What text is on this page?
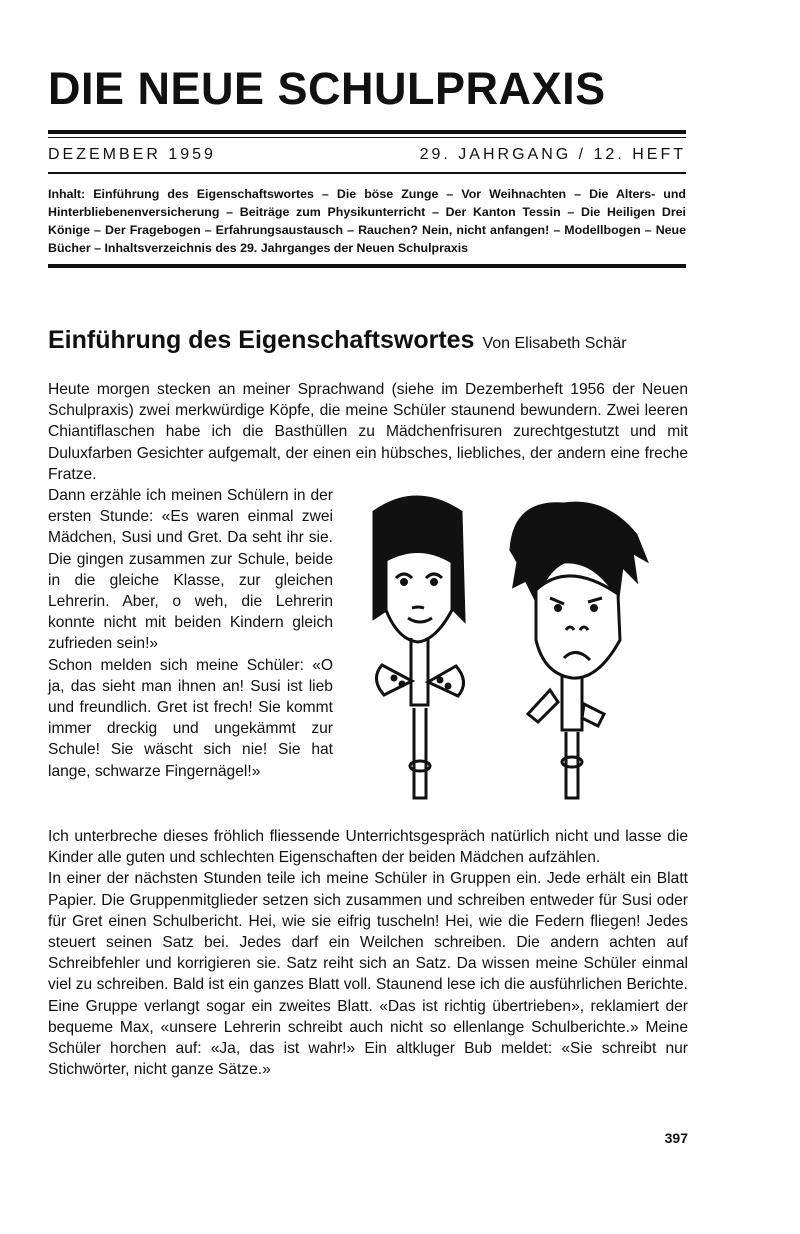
DIE NEUE SCHULPRAXIS
DEZEMBER 1959	29. JAHRGANG / 12. HEFT
Inhalt: Einführung des Eigenschaftswortes – Die böse Zunge – Vor Weihnachten – Die Alters- und Hinterbliebenenversicherung – Beiträge zum Physikunterricht – Der Kanton Tessin – Die Heiligen Drei Könige – Der Fragebogen – Erfahrungsaustausch – Rauchen? Nein, nicht anfangen! – Modellbogen – Neue Bücher – Inhaltsverzeichnis des 29. Jahrganges der Neuen Schulpraxis
Einführung des Eigenschaftswortes Von Elisabeth Schär

Heute morgen stecken an meiner Sprachwand (siehe im Dezemberheft 1956 der Neuen Schulpraxis) zwei merkwürdige Köpfe, die meine Schüler staunend bewundern. Zwei leeren Chiantiflaschen habe ich die Basthüllen zu Mädchenfrisuren zurechtgestutzt und mit Duluxfarben Gesichter aufgemalt, der einen ein hübsches, liebliches, der andern eine freche Fratze.

Dann erzähle ich meinen Schülern in der ersten Stunde: «Es waren einmal zwei Mädchen, Susi und Gret. Da seht ihr sie. Die gingen zusammen zur Schule, beide in die gleiche Klasse, zur gleichen Lehrerin. Aber, o weh, die Lehrerin konnte nicht mit beiden Kindern gleich zufrieden sein!»

Schon melden sich meine Schüler: «O ja, das sieht man ihnen an! Susi ist lieb und freundlich. Gret ist frech! Sie kommt immer dreckig und ungekämmt zur Schule! Sie wäscht sich nie! Sie hat lange, schwarze Fingernägel!»

Ich unterbreche dieses fröhlich fliessende Unterrichtsgespräch natürlich nicht und lasse die Kinder alle guten und schlechten Eigenschaften der beiden Mädchen aufzählen.

In einer der nächsten Stunden teile ich meine Schüler in Gruppen ein. Jede erhält ein Blatt Papier. Die Gruppenmitglieder setzen sich zusammen und schreiben entweder für Susi oder für Gret einen Schulbericht. Hei, wie sie eifrig tuscheln! Hei, wie die Federn fliegen! Jedes steuert seinen Satz bei. Jedes darf ein Weilchen schreiben. Die andern achten auf Schreibfehler und korrigieren sie. Satz reiht sich an Satz. Da wissen meine Schüler einmal viel zu schreiben. Bald ist ein ganzes Blatt voll. Staunend lese ich die ausführlichen Berichte. Eine Gruppe verlangt sogar ein zweites Blatt. «Das ist richtig übertrieben», reklamiert der bequeme Max, «unsere Lehrerin schreibt auch nicht so ellenlange Schulberichte.» Meine Schüler horchen auf: «Ja, das ist wahr!» Ein altkluger Bub meldet: «Sie schreibt nur Stichwörter, nicht ganze Sätze.»

397
